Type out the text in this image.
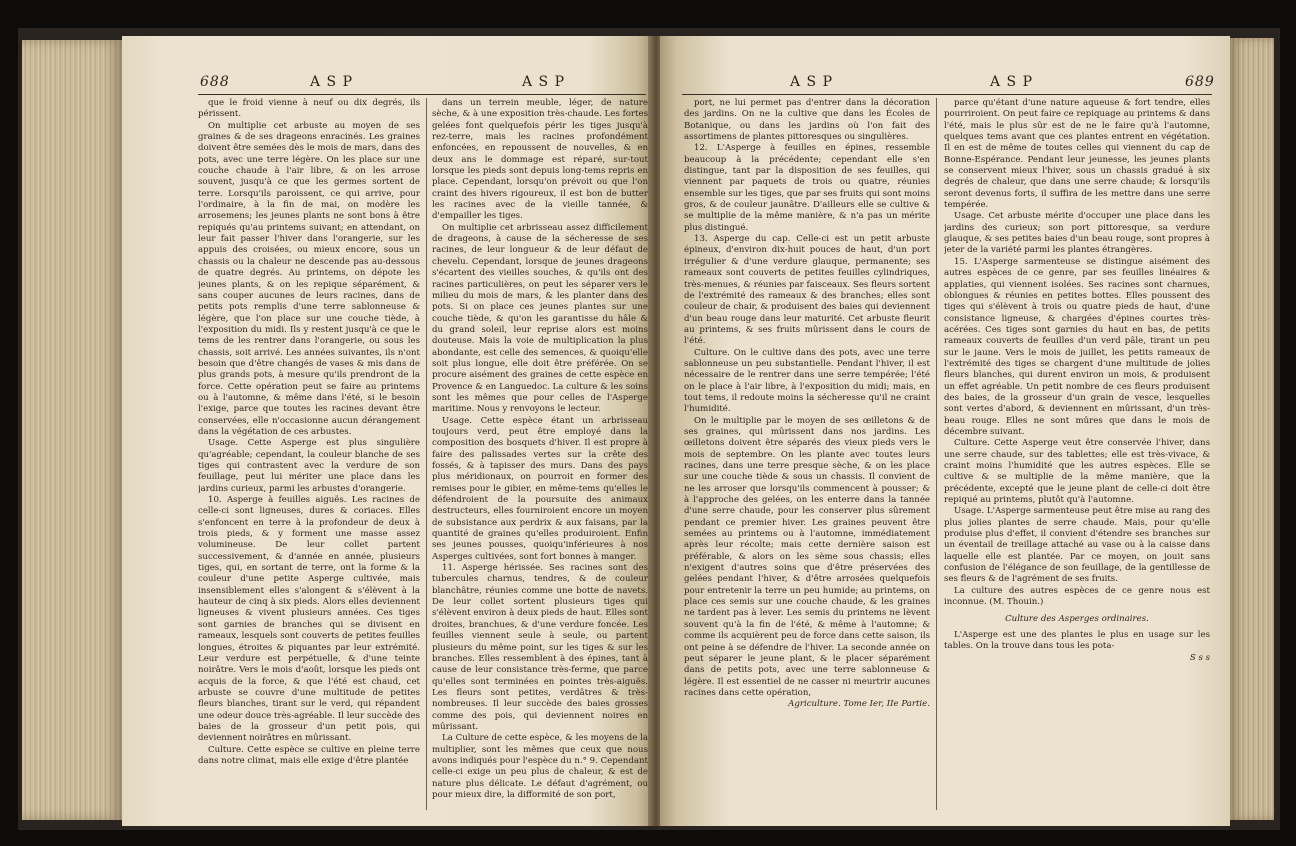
688	A S P	A S P

que le froid vienne à neuf ou dix degrés, ils périssent.

On multiplie cet arbuste au moyen de ses graines & de ses drageons enracinés. Les graines doivent être semées dès le mois de mars, dans des pots, avec une terre légère. On les place sur une couche chaude à l'air libre, & on les arrose souvent, jusqu'à ce que les germes sortent de terre. Lorsqu'ils paroissent, ce qui arrive, pour l'ordinaire, à la fin de mai, on modère les arrosemens; les jeunes plants ne sont bons à être repiqués qu'au printems suivant; en attendant, on leur fait passer l'hiver dans l'orangerie, sur les appuis des croisées, ou mieux encore, sous un chassis ou la chaleur ne descende pas au-dessous de quatre degrés. Au printems, on dépote les jeunes plants, & on les repique séparément, & sans couper aucunes de leurs racines, dans de petits pots remplis d'une terre sablonneuse & légère, que l'on place sur une couche tiède, à l'exposition du midi. Ils y restent jusqu'à ce que le tems de les rentrer dans l'orangerie, ou sous les chassis, soit arrivé. Les années suivantes, ils n'ont besoin que d'être changés de vases & mis dans de plus grands pots, à mesure qu'ils prendront de la force. Cette opération peut se faire au printems ou à l'automne, & même dans l'été, si le besoin l'exige, parce que toutes les racines devant être conservées, elle n'occasionne aucun dérangement dans la végétation de ces arbustes.

Usage. Cette Asperge est plus singulière qu'agréable; cependant, la couleur blanche de ses tiges qui contrastent avec la verdure de son feuillage, peut lui mériter une place dans les jardins curieux, parmi les arbustes d'orangerie.

10. Asperge à feuilles aiguës. Les racines de celle-ci sont ligneuses, dures & coriaces. Elles s'enfoncent en terre à la profondeur de deux à trois pieds, & y forment une masse assez volumineuse. De leur collet partent successivement, & d'année en année, plusieurs tiges, qui, en sortant de terre, ont la forme & la couleur d'une petite Asperge cultivée, mais insensiblement elles s'alongent & s'élèvent à la hauteur de cinq à six pieds. Alors elles deviennent ligneuses & vivent plusieurs années. Ces tiges sont garnies de branches qui se divisent en rameaux, lesquels sont couverts de petites feuilles longues, étroites & piquantes par leur extrémité. Leur verdure est perpétuelle, & d'une teinte noirâtre. Vers le mois d'août, lorsque les pieds ont acquis de la force, & que l'été est chaud, cet arbuste se couvre d'une multitude de petites fleurs blanches, tirant sur le verd, qui répandent une odeur douce très-agréable. Il leur succède des baies de la grosseur d'un petit pois, qui deviennent noirâtres en mûrissant.

Culture. Cette espèce se cultive en pleine terre dans notre climat, mais elle exige d'être plantée

dans un terrein meuble, léger, de nature sèche, & à une exposition très-chaude. Les fortes gelées font quelquefois périr les tiges jusqu'à rez-terre, mais les racines profondément enfoncées, en repoussent de nouvelles, & en deux ans le dommage est réparé, sur-tout lorsque les pieds sont depuis long-tems repris en place. Cependant, lorsqu'on prévoit ou que l'on craint des hivers rigoureux, il est bon de butter les racines avec de la vieille tannée, & d'empailler les tiges.

On multiplie cet arbrisseau assez difficilement de drageons, à cause de la sécheresse de ses racines, de leur longueur & de leur défaut de chevelu. Cependant, lorsque de jeunes drageons s'écartent des vieilles souches, & qu'ils ont des racines particulières, on peut les séparer vers le milieu du mois de mars, & les planter dans des pots. Si on place ces jeunes plantes sur une couche tiède, & qu'on les garantisse du hâle & du grand soleil, leur reprise alors est moins douteuse. Mais la voie de multiplication la plus abondante, est celle des semences, & quoiqu'elle soit plus longue, elle doit être préférée. On se procure aisément des graines de cette espèce en Provence & en Languedoc. La culture & les soins sont les mêmes que pour celles de l'Asperge maritime. Nous y renvoyons le lecteur.

Usage. Cette espèce étant un arbrisseau toujours verd, peut être employé dans la composition des bosquets d'hiver. Il est propre à faire des palissades vertes sur la crête des fossés, & à tapisser des murs. Dans des pays plus méridionaux, on pourroit en former des remises pour le gibier, en même-tems qu'elles le défendroient de la poursuite des animaux destructeurs, elles fourniroient encore un moyen de subsistance aux perdrix & aux faisans, par la quantité de graines qu'elles produiroient. Enfin ses jeunes pousses, quoiqu'inférieures à nos Asperges cultivées, sont fort bonnes à manger.

11. Asperge hérissée. Ses racines sont des tubercules charnus, tendres, & de couleur blanchâtre, réunies comme une botte de navets. De leur collet sortent plusieurs tiges qui s'élèvent environ à deux pieds de haut. Elles sont droites, branchues, & d'une verdure foncée. Les feuilles viennent seule à seule, ou partent plusieurs du même point, sur les tiges & sur les branches. Elles ressemblent à des épines, tant à cause de leur consistance très-ferme, que parce qu'elles sont terminées en pointes très-aiguës. Les fleurs sont petites, verdâtres & très-nombreuses. Il leur succède des baies grosses comme des pois, qui deviennent noires en mûrissant.

La Culture de cette espèce, & les moyens de la multiplier, sont les mêmes que ceux que nous avons indiqués pour l'espèce du n.° 9. Cependant celle-ci exige un peu plus de chaleur, & est de nature plus délicate. Le défaut d'agrément, ou pour mieux dire, la difformité de son port,

A S P	A S P	689

port, ne lui permet pas d'entrer dans la décoration des jardins. On ne la cultive que dans les Écoles de Botanique, ou dans les jardins où l'on fait des assortimens de plantes pittoresques ou singulières.

12. L'Asperge à feuilles en épines, ressemble beaucoup à la précédente; cependant elle s'en distingue, tant par la disposition de ses feuilles, qui viennent par paquets de trois ou quatre, réunies ensemble sur les tiges, que par ses fruits qui sont moins gros, & de couleur jaunâtre. D'ailleurs elle se cultive & se multiplie de la même manière, & n'a pas un mérite plus distingué.

13. Asperge du cap. Celle-ci est un petit arbuste épineux, d'environ dix-huit pouces de haut, d'un port irrégulier & d'une verdure glauque, permanente; ses rameaux sont couverts de petites feuilles cylindriques, très-menues, & réunies par faisceaux. Ses fleurs sortent de l'extrémité des rameaux & des branches; elles sont couleur de chair, & produisent des baies qui deviennent d'un beau rouge dans leur maturité. Cet arbuste fleurit au printems, & ses fruits mûrissent dans le cours de l'été.

Culture. On le cultive dans des pots, avec une terre sablonneuse un peu substantielle. Pendant l'hiver, il est nécessaire de le rentrer dans une serre tempérée; l'été on le place à l'air libre, à l'exposition du midi; mais, en tout tems, il redoute moins la sécheresse qu'il ne craint l'humidité.

On le multiplie par le moyen de ses œilletons & de ses graines, qui mûrissent dans nos jardins. Les œilletons doivent être séparés des vieux pieds vers le mois de septembre. On les plante avec toutes leurs racines, dans une terre presque sèche, & on les place sur une couche tiède & sous un chassis. Il convient de ne les arroser que lorsqu'ils commencent à pousser; & à l'approche des gelées, on les enterre dans la tannée d'une serre chaude, pour les conserver plus sûrement pendant ce premier hiver. Les graines peuvent être semées au printems ou à l'automne, immédiatement après leur récolte; mais cette dernière saison est préférable, & alors on les sème sous chassis; elles n'exigent d'autres soins que d'être préservées des gelées pendant l'hiver, & d'être arrosées quelquefois pour entretenir la terre un peu humide; au printems, on place ces semis sur une couche chaude, & les graines ne tardent pas à lever. Les semis du printems ne lèvent souvent qu'à la fin de l'été, & même à l'automne; & comme ils acquièrent peu de force dans cette saison, ils ont peine à se défendre de l'hiver. La seconde année on peut séparer le jeune plant, & le placer séparément dans de petits pots, avec une terre sablonneuse & légère. Il est essentiel de ne casser ni meurtrir aucunes racines dans cette opération,

Agriculture. Tome Ier, IIe Partie.

parce qu'étant d'une nature aqueuse & fort tendre, elles pourriroient. On peut faire ce repiquage au printems & dans l'été, mais le plus sûr est de ne le faire qu'à l'automne, quelques tems avant que ces plantes entrent en végétation. Il en est de même de toutes celles qui viennent du cap de Bonne-Espérance. Pendant leur jeunesse, les jeunes plants se conservent mieux l'hiver, sous un chassis gradué à six degrés de chaleur, que dans une serre chaude; & lorsqu'ils seront devenus forts, il suffira de les mettre dans une serre tempérée.

Usage. Cet arbuste mérite d'occuper une place dans les jardins des curieux; son port pittoresque, sa verdure glauque, & ses petites baies d'un beau rouge, sont propres à jeter de la variété parmi les plantes étrangères.

15. L'Asperge sarmenteuse se distingue aisément des autres espèces de ce genre, par ses feuilles linéaires & applaties, qui viennent isolées. Ses racines sont charnues, oblongues & réunies en petites bottes. Elles poussent des tiges qui s'élèvent à trois ou quatre pieds de haut, d'une consistance ligneuse, & chargées d'épines courtes très-acérées. Ces tiges sont garnies du haut en bas, de petits rameaux couverts de feuilles d'un verd pâle, tirant un peu sur le jaune. Vers le mois de juillet, les petits rameaux de l'extrémité des tiges se chargent d'une multitude de jolies fleurs blanches, qui durent environ un mois, & produisent un effet agréable. Un petit nombre de ces fleurs produisent des baies, de la grosseur d'un grain de vesce, lesquelles sont vertes d'abord, & deviennent en mûrissant, d'un très-beau rouge. Elles ne sont mûres que dans le mois de décembre suivant.

Culture. Cette Asperge veut être conservée l'hiver, dans une serre chaude, sur des tablettes; elle est très-vivace, & craint moins l'humidité que les autres espèces. Elle se cultive & se multiplie de la même manière, que la précédente, excepté que le jeune plant de celle-ci doit être repiqué au printems, plutôt qu'à l'automne.

Usage. L'Asperge sarmenteuse peut être mise au rang des plus jolies plantes de serre chaude. Mais, pour qu'elle produise plus d'effet, il convient d'étendre ses branches sur un éventail de treillage attaché au vase ou à la caisse dans laquelle elle est plantée. Par ce moyen, on jouit sans confusion de l'élégance de son feuillage, de la gentillesse de ses fleurs & de l'agrément de ses fruits.

La culture des autres espèces de ce genre nous est inconnue. (M. Thouin.)

Culture des Asperges ordinaires.

L'Asperge est une des plantes le plus en usage sur les tables. On la trouve dans tous les pota-

S s s
